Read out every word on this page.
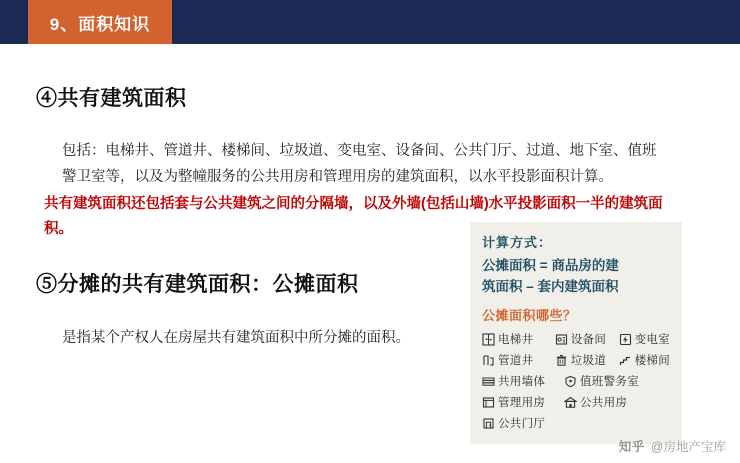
9、面积知识
④共有建筑面积
包括：电梯井、管道井、楼梯间、垃圾道、变电室、设备间、公共门厅、过道、地下室、值班警卫室等，以及为整幢服务的公共用房和管理用房的建筑面积，以水平投影面积计算。
共有建筑面积还包括套与公共建筑之间的分隔墙，以及外墙(包括山墙)水平投影面积一半的建筑面积。
⑤分摊的共有建筑面积：公摊面积
是指某个产权人在房屋共有建筑面积中所分摊的面积。
计算方式：
公摊面积 = 商品房的建
筑面积 – 套内建筑面积
公摊面积哪些？
电梯井	设备间 变电室
管道井	垃圾道 楼梯间
共用墙体	值班警务室
管理用房	公共用房
公共门厅
知乎 @房地产宝库
